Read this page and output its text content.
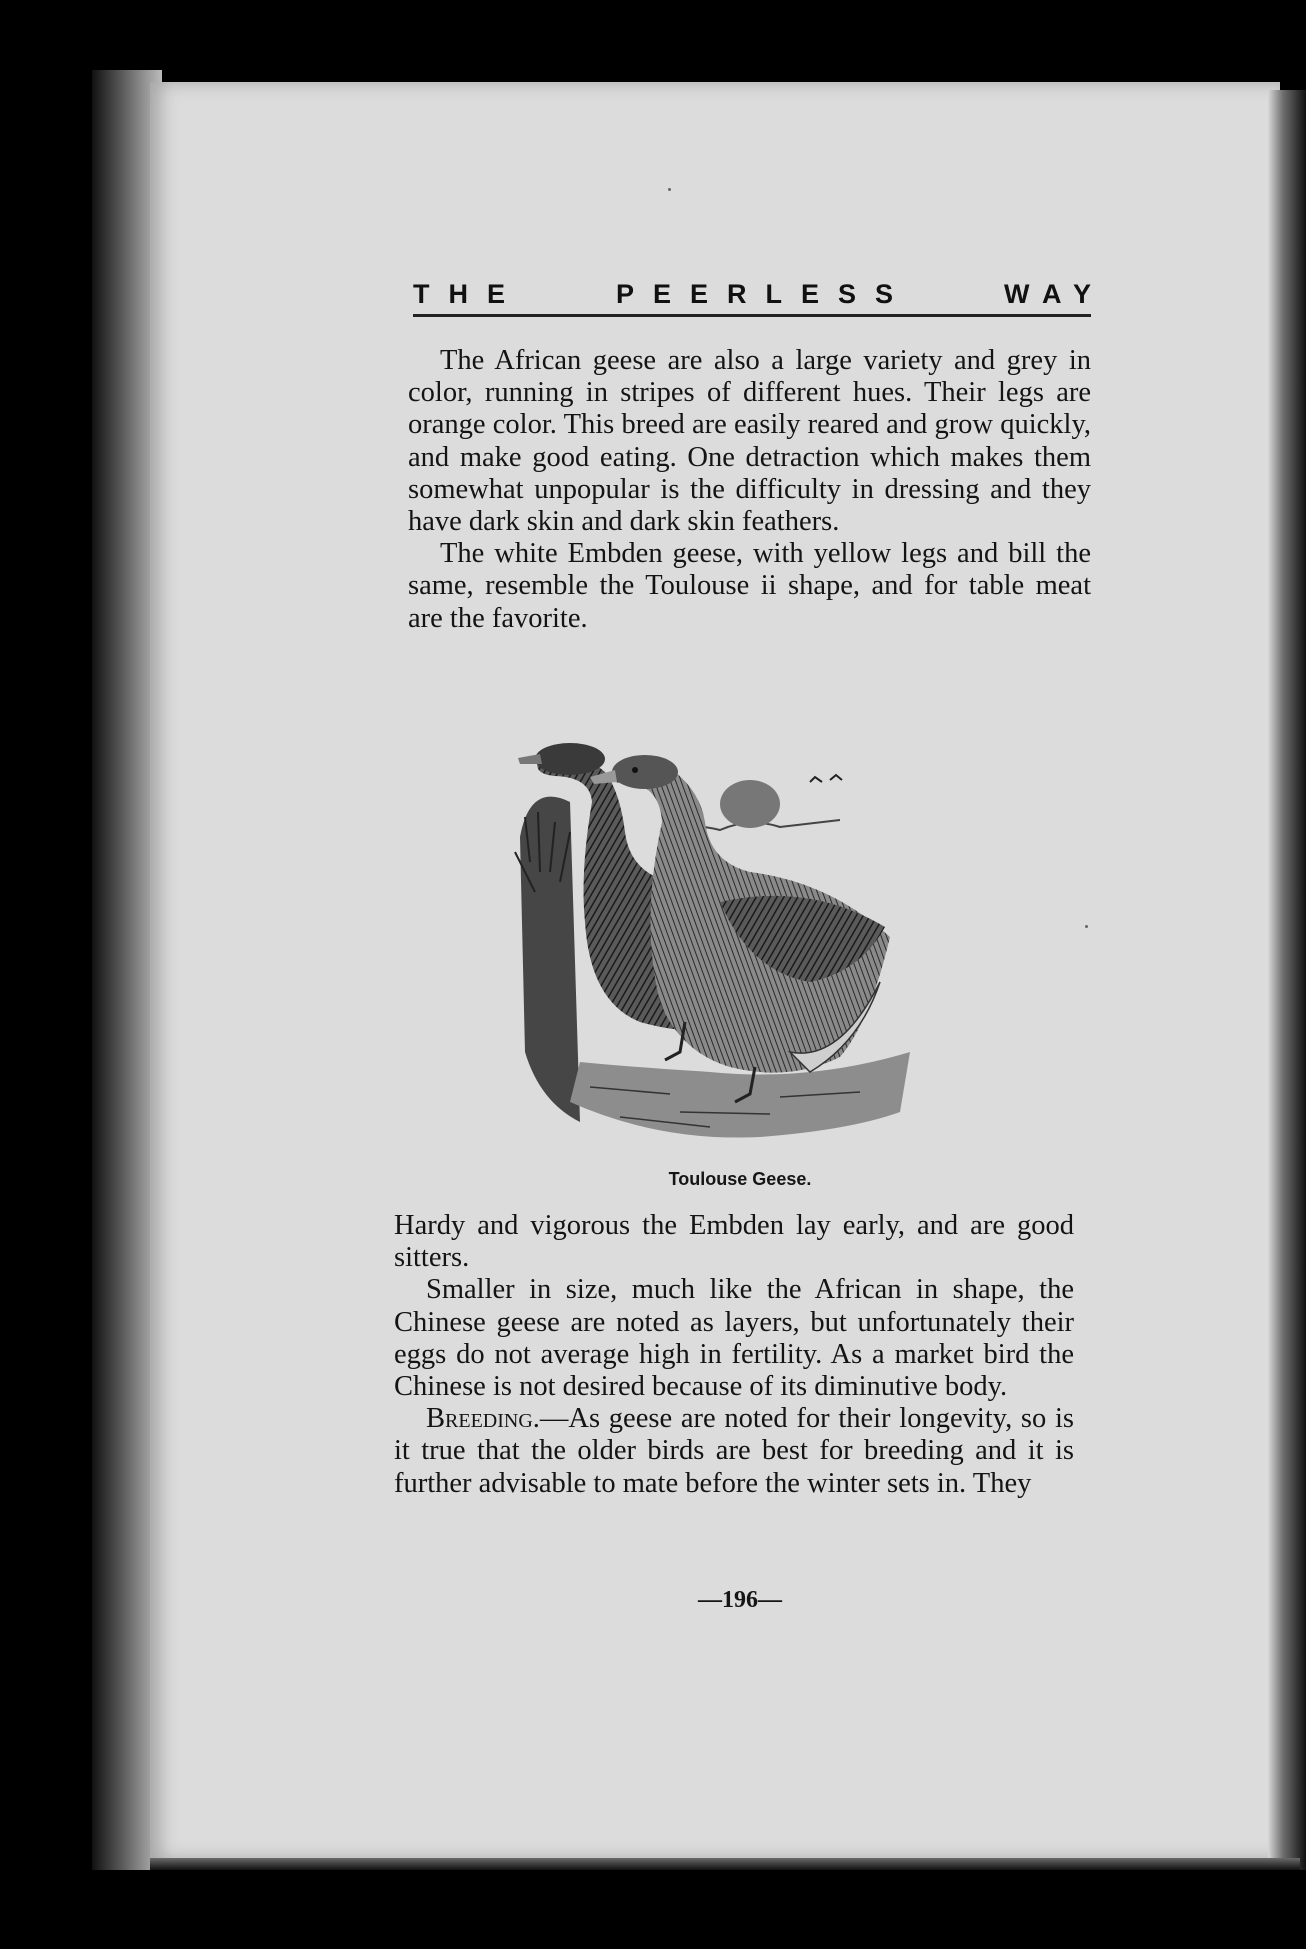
THE	PEERLESS	WAY

The African geese are also a large variety and grey in color, running in stripes of different hues. Their legs are orange color. This breed are easily reared and grow quickly, and make good eating. One detraction which makes them somewhat unpopular is the difficulty in dressing and they have dark skin and dark skin feathers.

The white Embden geese, with yellow legs and bill the same, resemble the Toulouse ii shape, and for table meat are the favorite.

Toulouse Geese.

Hardy and vigorous the Embden lay early, and are good sitters.

Smaller in size, much like the African in shape, the Chinese geese are noted as layers, but unfortunately their eggs do not average high in fertility. As a market bird the Chinese is not desired because of its diminutive body.

Breeding.—As geese are noted for their longevity, so is it true that the older birds are best for breeding and it is further advisable to mate before the winter sets in. They

—196—
